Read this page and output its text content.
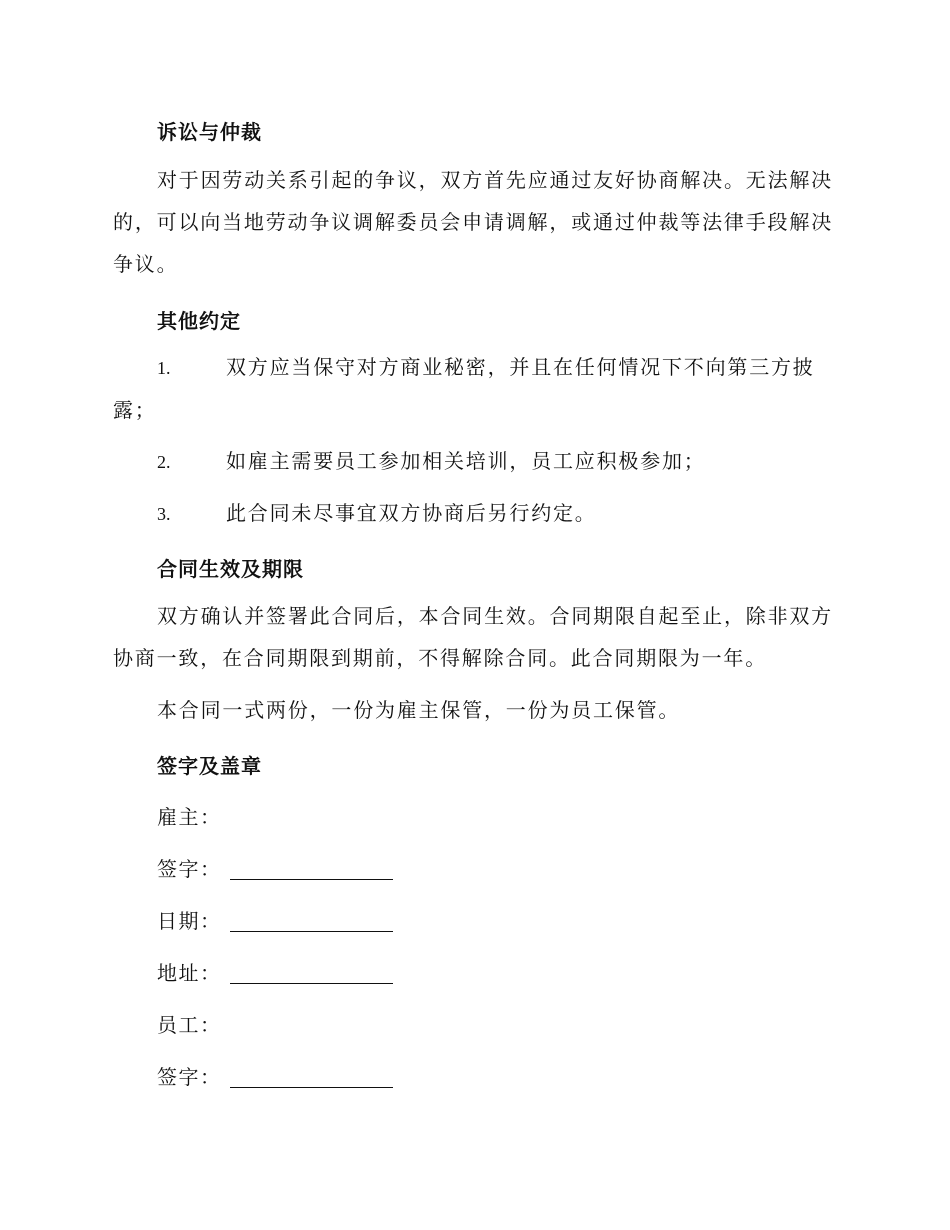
诉讼与仲裁
对于因劳动关系引起的争议，双方首先应通过友好协商解决。无法解决的，可以向当地劳动争议调解委员会申请调解，或通过仲裁等法律手段解决争议。
其他约定
1.	双方应当保守对方商业秘密，并且在任何情况下不向第三方披露；
2.	如雇主需要员工参加相关培训，员工应积极参加；
3.	此合同未尽事宜双方协商后另行约定。
合同生效及期限
双方确认并签署此合同后，本合同生效。合同期限自起至止，除非双方协商一致，在合同期限到期前，不得解除合同。此合同期限为一年。
本合同一式两份，一份为雇主保管，一份为员工保管。
签字及盖章
雇主：
签字：
日期：
地址：
员工：
签字：
